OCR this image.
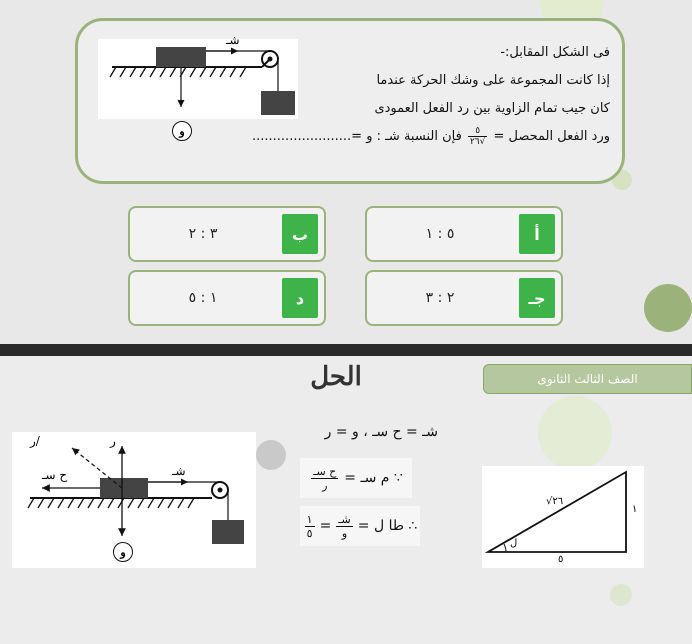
شـ
و
فى الشكل المقابل:-
إذا كانت المجموعة على وشك الحركة عندما
كان جيب تمام الزاوية بين رد الفعل العمودى
ورد الفعل المحصل =
$\frac{٥}{√٢٦}$
فإن النسبة شـ : و =........................
أ
٥ : ١
ب
٣ : ٢
جـ
٢ : ٣
د
١ : ٥
الصف الثالث الثانوى
الحل
ر/	ر
ح سـ	شـ
و
شـ = ح سـ ، و = ر
∵ م سـ =
$\frac{\text{ح سـ}}{\text{ر}}$
∴ طا ل =
$\frac{\text{شـ}}{\text{و}}$
=
$\frac{١}{٥}$
√٢٦
١
٥
ل
